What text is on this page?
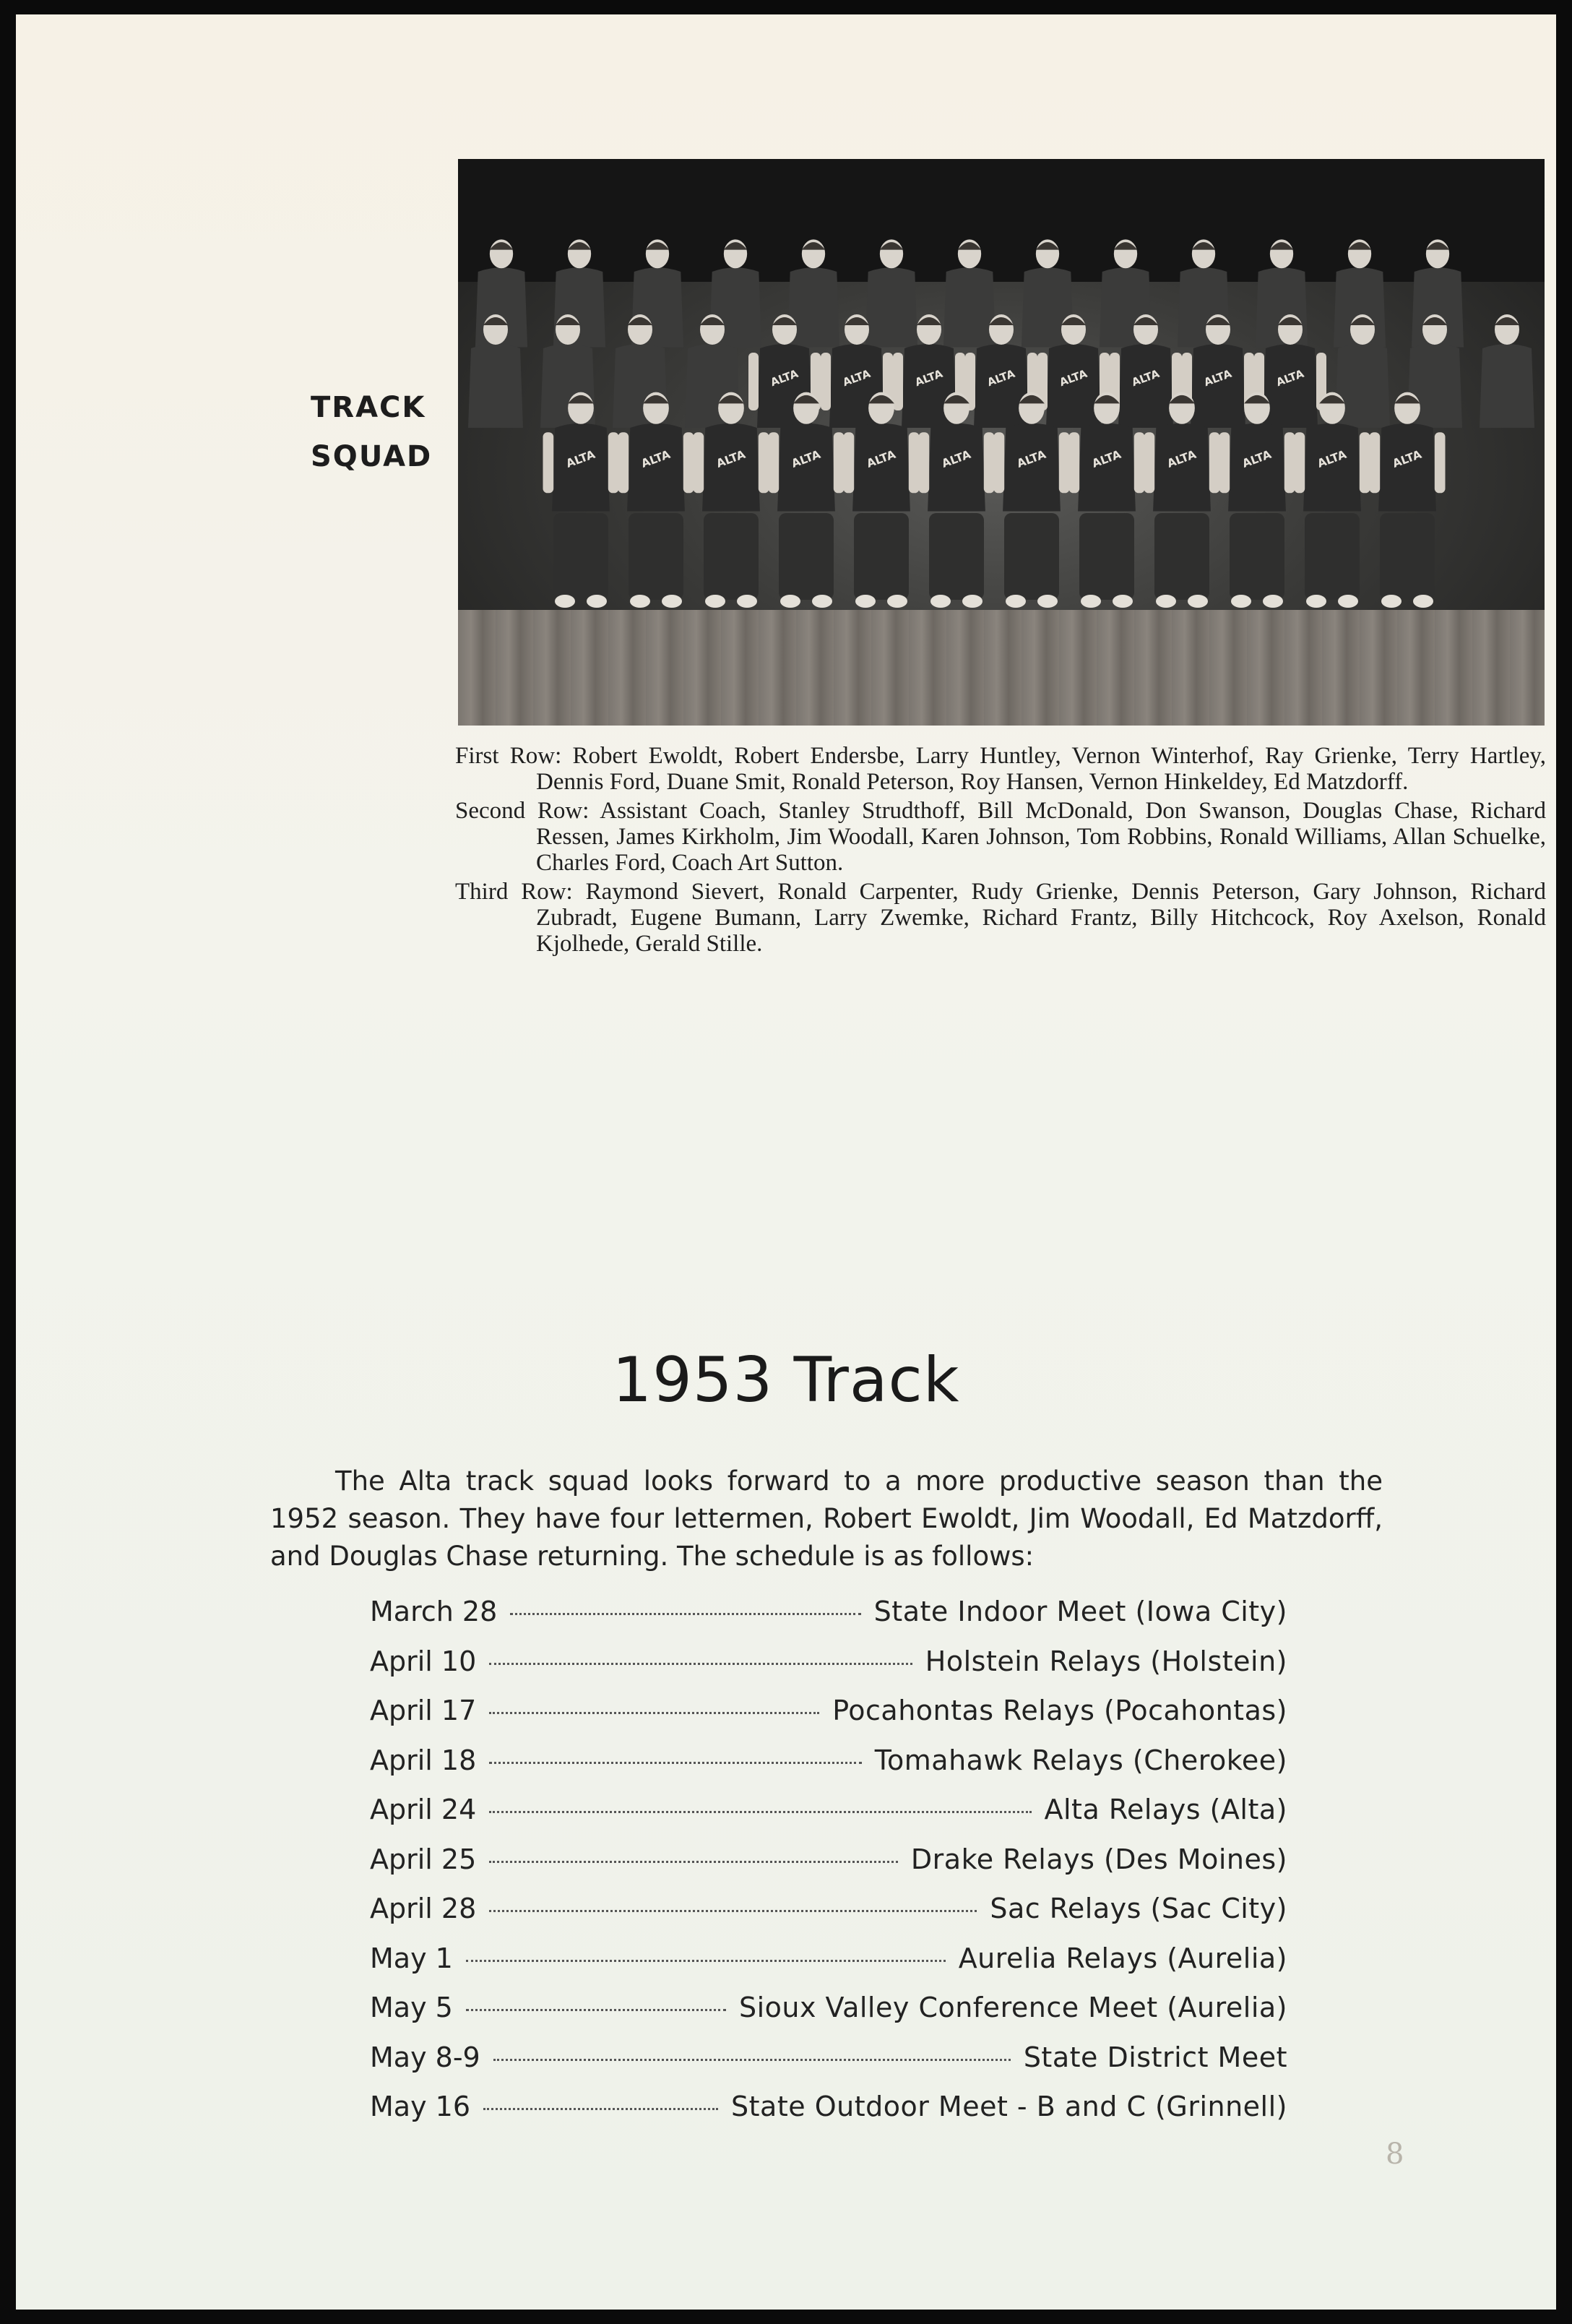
TRACK
SQUAD
ALTA	ALTA	ALTA	ALTA	ALTA	ALTA	ALTA	ALTA
ALTA	ALTA	ALTA	ALTA	ALTA	ALTA	ALTA	ALTA	ALTA	ALTA	ALTA	ALTA

First Row: Robert Ewoldt, Robert Endersbe, Larry Huntley, Vernon Winterhof, Ray Grienke, Terry Hartley, Dennis Ford, Duane Smit, Ronald Peterson, Roy Hansen, Vernon Hinkeldey, Ed Matzdorff.

Second Row: Assistant Coach, Stanley Strudthoff, Bill McDonald, Don Swanson, Douglas Chase, Richard Ressen, James Kirkholm, Jim Woodall, Karen Johnson, Tom Robbins, Ronald Williams, Allan Schuelke, Charles Ford, Coach Art Sutton.

Third Row: Raymond Sievert, Ronald Carpenter, Rudy Grienke, Dennis Peterson, Gary Johnson, Richard Zubradt, Eugene Bumann, Larry Zwemke, Richard Frantz, Billy Hitchcock, Roy Axelson, Ronald Kjolhede, Gerald Stille.

1953 Track
The Alta track squad looks forward to a more productive season than the 1952 season. They have four lettermen, Robert Ewoldt, Jim Woodall, Ed Matzdorff, and Douglas Chase returning. The schedule is as follows:
March 28	State Indoor Meet (Iowa City)
April 10	Holstein Relays (Holstein)
April 17	Pocahontas Relays (Pocahontas)
April 18	Tomahawk Relays (Cherokee)
April 24	Alta Relays (Alta)
April 25	Drake Relays (Des Moines)
April 28	Sac Relays (Sac City)
May 1	Aurelia Relays (Aurelia)
May 5	Sioux Valley Conference Meet (Aurelia)
May 8-9	State District Meet
May 16	State Outdoor Meet - B and C (Grinnell)
8
